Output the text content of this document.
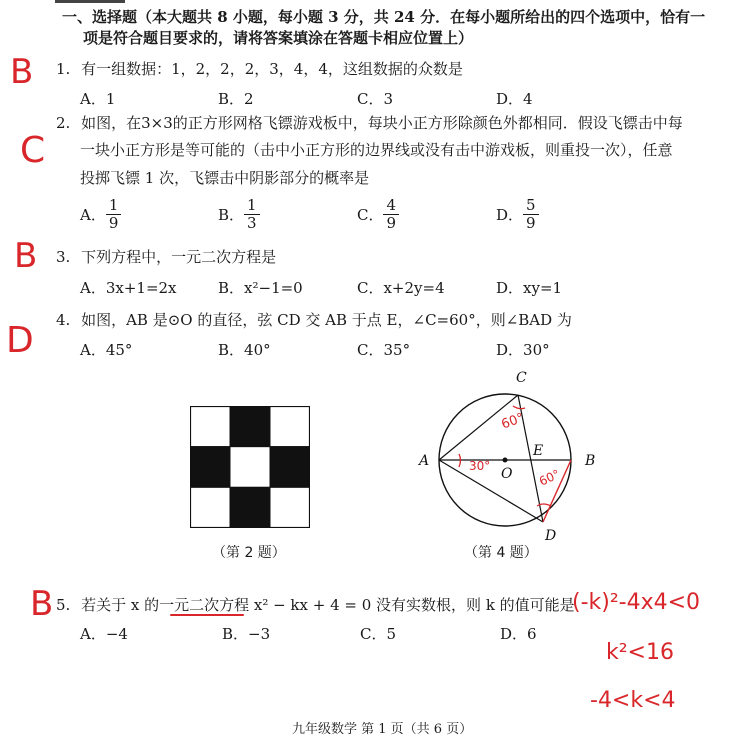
一、选择题（本大题共 8 小题，每小题 3 分，共 24 分．在每小题所给出的四个选项中，恰有一
项是符合题目要求的，请将答案填涂在答题卡相应位置上）
B
C
B
D
B
1. 有一组数据：1，2，2，2，3，4，4，这组数据的众数是
A．1	B．2	C．3	D．4
2. 如图，在3×3的正方形网格飞镖游戏板中，每块小正方形除颜色外都相同．假设飞镖击中每
一块小正方形是等可能的（击中小正方形的边界线或没有击中游戏板，则重投一次），任意
投掷飞镖 1 次，飞镖击中阴影部分的概率是
A． $\frac{1}{9}$	B． $\frac{1}{3}$	C． $\frac{4}{9}$	D． $\frac{5}{9}$
3. 下列方程中，一元二次方程是
A．3x+1=2x	B．x²−1=0	C．x+2y=4	D．xy=1
4. 如图，AB 是⊙O 的直径，弦 CD 交 AB 于点 E，∠C=60°，则∠BAD 为
A．45°	B．40°	C．35°	D．30°
（第 2 题）
C
A	B
E
O
D
60°
30°
60°
（第 4 题）
5. 若关于 x 的一元二次方程 x² − kx + 4 = 0 没有实数根，则 k 的值可能是
A．−4	B．−3	C．5	D．6
(-k)²-4x4<0
k²<16
-4<k<4
九年级数学 第 1 页（共 6 页）
